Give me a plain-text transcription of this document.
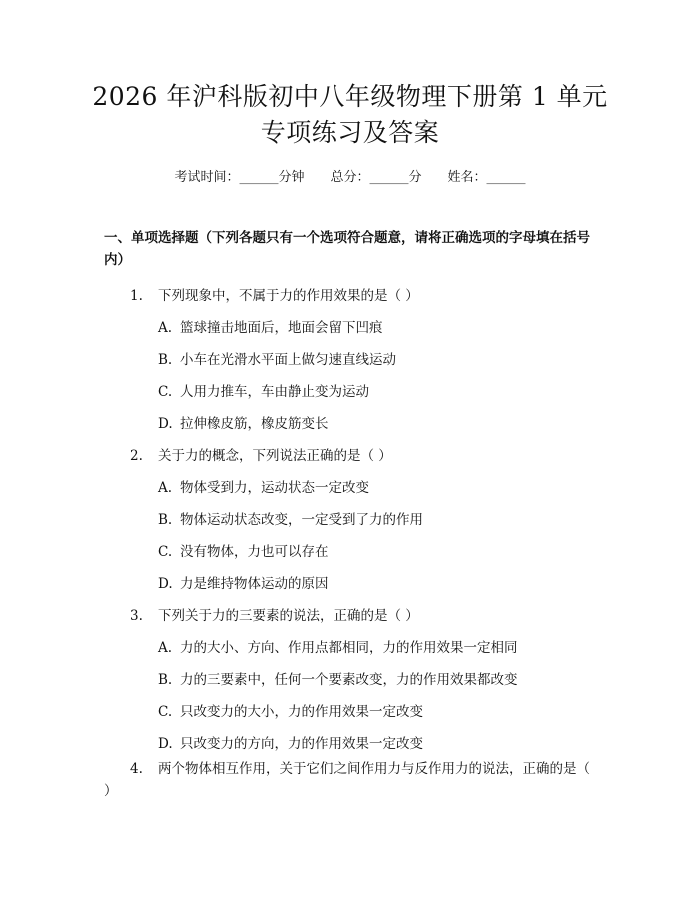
2026 年沪科版初中八年级物理下册第 1 单元
专项练习及答案
考试时间：______分钟 总分：______分 姓名：______
一、单项选择题（下列各题只有一个选项符合题意，请将正确选项的字母填在括号内）
1. 下列现象中，不属于力的作用效果的是（ ）
A. 篮球撞击地面后，地面会留下凹痕
B. 小车在光滑水平面上做匀速直线运动
C. 人用力推车，车由静止变为运动
D. 拉伸橡皮筋，橡皮筋变长
2. 关于力的概念，下列说法正确的是（ ）
A. 物体受到力，运动状态一定改变
B. 物体运动状态改变，一定受到了力的作用
C. 没有物体，力也可以存在
D. 力是维持物体运动的原因
3. 下列关于力的三要素的说法，正确的是（ ）
A. 力的大小、方向、作用点都相同，力的作用效果一定相同
B. 力的三要素中，任何一个要素改变，力的作用效果都改变
C. 只改变力的大小，力的作用效果一定改变
D. 只改变力的方向，力的作用效果一定改变
4. 两个物体相互作用，关于它们之间作用力与反作用力的说法，正确的是（ ）
